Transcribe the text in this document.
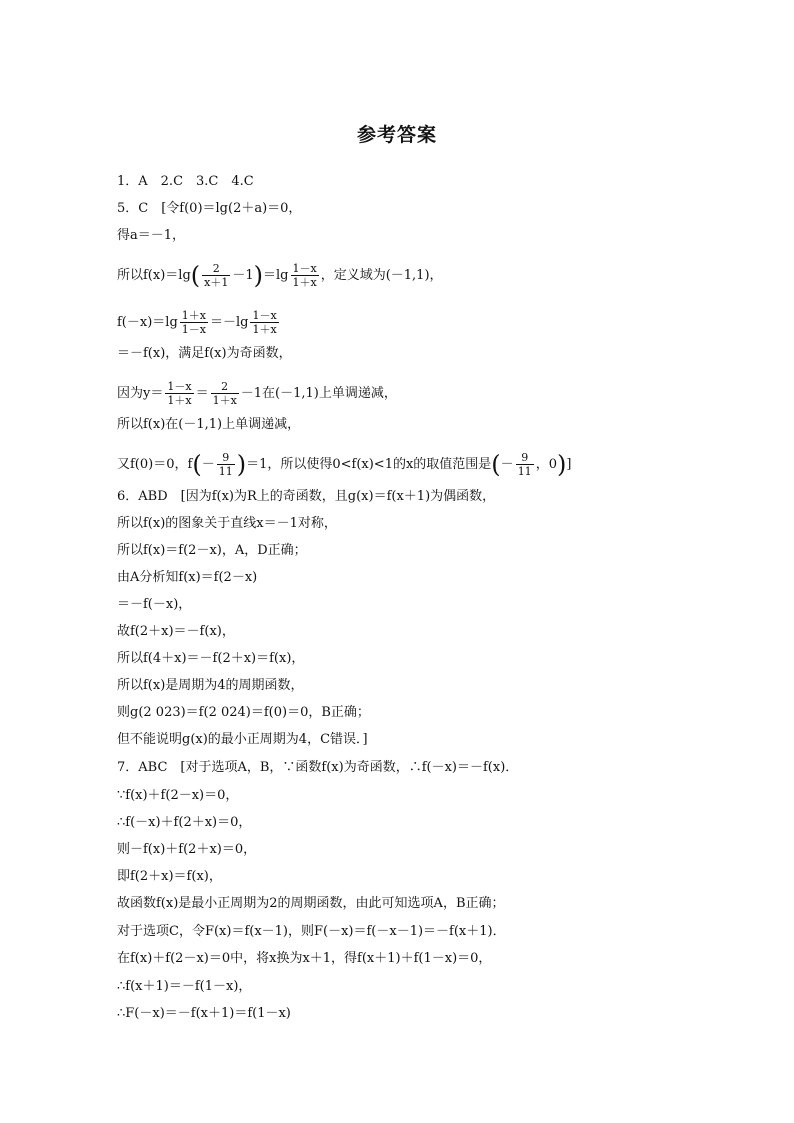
参考答案
1．A　2.C　3.C　4.C
5．C　[令f(0)＝lg(2＋a)＝0，
得a＝－1，
所以$f(x)=\lg( \frac{2}{x+1} -1)=\lg \frac{1-x}{1+x}$ ，定义域为(－1,1)，
$f(-x)=\lg \frac{1+x}{1-x} =-\lg \frac{1-x}{1+x}$
＝－f(x)，满足f(x)为奇函数，
因为$y= \frac{1-x}{1+x} = \frac{2}{1+x} -1$在(－1,1)上单调递减，
所以f(x)在(－1,1)上单调递减，
又f(0)＝0，$f(- \frac{9}{11} )=1$，所以使得0<f(x)<1的x的取值范围是(－ $\frac{9}{11}$ ，0)]
6．ABD　[因为f(x)为R上的奇函数，且g(x)＝f(x＋1)为偶函数，
所以f(x)的图象关于直线x＝－1对称，
所以f(x)＝f(2－x)，A，D正确；
由A分析知f(x)＝f(2－x)
＝－f(－x)，
故f(2＋x)＝－f(x)，
所以f(4＋x)＝－f(2＋x)＝f(x)，
所以f(x)是周期为4的周期函数，
则g(2 023)＝f(2 024)＝f(0)＝0，B正确；
但不能说明g(x)的最小正周期为4，C错误．]
7．ABC　[对于选项A，B，∵函数f(x)为奇函数，∴f(－x)＝－f(x)．
∵f(x)＋f(2－x)＝0，
∴f(－x)＋f(2＋x)＝0，
则－f(x)＋f(2＋x)＝0，
即f(2＋x)＝f(x)，
故函数f(x)是最小正周期为2的周期函数，由此可知选项A，B正确；
对于选项C，令F(x)＝f(x－1)，则F(－x)＝f(－x－1)＝－f(x＋1)．
在f(x)＋f(2－x)＝0中，将x换为x＋1，得f(x＋1)＋f(1－x)＝0，
∴f(x＋1)＝－f(1－x)，
∴F(－x)＝－f(x＋1)＝f(1－x)
